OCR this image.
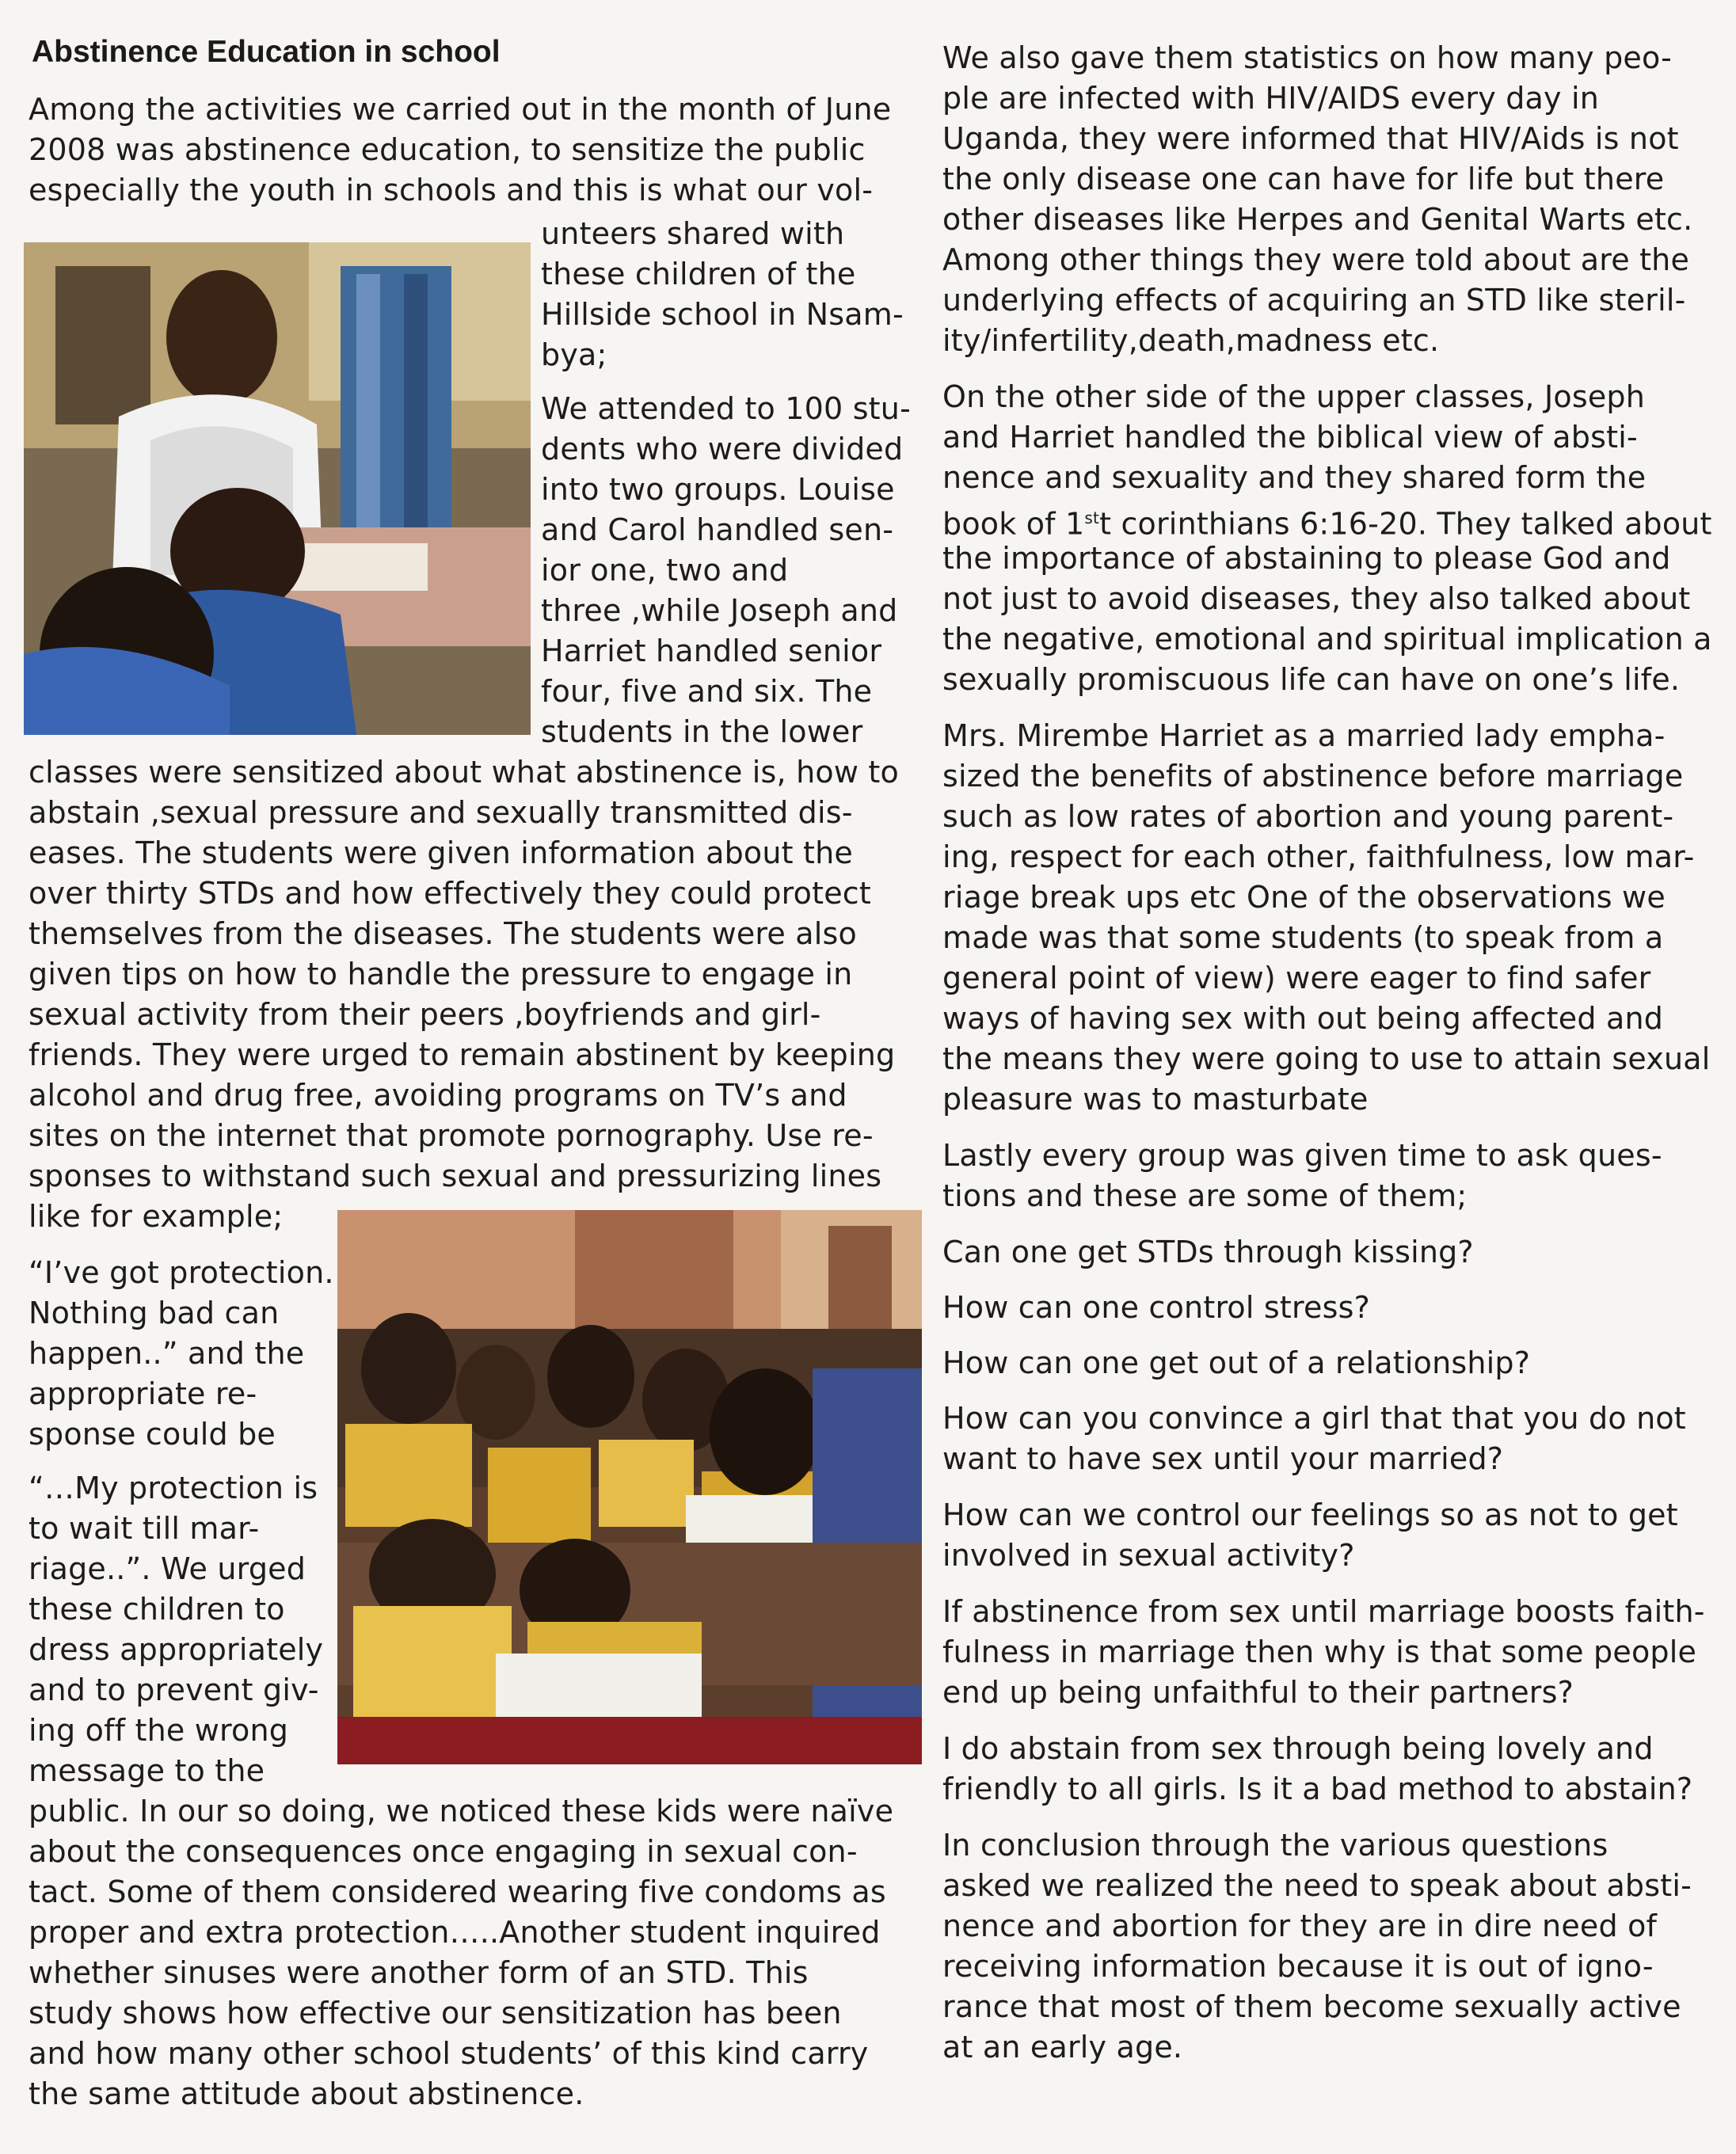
Abstinence Education in school

Among the activities we carried out in the month of June

2008 was abstinence education, to sensitize the public

especially the youth in schools and this is what our vol-

unteers shared with

these children of the

Hillside school in Nsam-

bya;

We attended to 100 stu-

dents who were divided

into two groups. Louise

and Carol handled sen-

ior one, two and

three ,while Joseph and

Harriet handled senior

four, five and six. The

students in the lower

classes were sensitized about what abstinence is, how to

abstain ,sexual pressure and sexually transmitted dis-

eases. The students were given information about the

over thirty STDs and how effectively they could protect

themselves from the diseases. The students were also

given tips on how to handle the pressure to engage in

sexual activity from their peers ,boyfriends and girl-

friends. They were urged to remain abstinent by keeping

alcohol and drug free, avoiding programs on TV’s and

sites on the internet that promote pornography. Use re-

sponses to withstand such sexual and pressurizing lines

like for example;

“I’ve got protection.

Nothing bad can

happen..” and the

appropriate re-

sponse could be

“…My protection is

to wait till mar-

riage..”. We urged

these children to

dress appropriately

and to prevent giv-

ing off the wrong

message to the

public. In our so doing, we noticed these kids were naïve

about the consequences once engaging in sexual con-

tact. Some of them considered wearing five condoms as

proper and extra protection…..Another student inquired

whether sinuses were another form of an STD. This

study shows how effective our sensitization has been

and how many other school students’ of this kind carry

the same attitude about abstinence.

We also gave them statistics on how many peo-

ple are infected with HIV/AIDS every day in

Uganda, they were informed that HIV/Aids is not

the only disease one can have for life but there

other diseases like Herpes and Genital Warts etc.

Among other things they were told about are the

underlying effects of acquiring an STD like steril-

ity/infertility,death,madness etc.

On the other side of the upper classes, Joseph

and Harriet handled the biblical view of absti-

nence and sexuality and they shared form the

book of 1stt corinthians 6:16-20. They talked about

the importance of abstaining to please God and

not just to avoid diseases, they also talked about

the negative, emotional and spiritual implication a

sexually promiscuous life can have on one’s life.

Mrs. Mirembe Harriet as a married lady empha-

sized the benefits of abstinence before marriage

such as low rates of abortion and young parent-

ing, respect for each other, faithfulness, low mar-

riage break ups etc One of the observations we

made was that some students (to speak from a

general point of view) were eager to find safer

ways of having sex with out being affected and

the means they were going to use to attain sexual

pleasure was to masturbate

Lastly every group was given time to ask ques-

tions and these are some of them;

Can one get STDs through kissing?

How can one control stress?

How can one get out of a relationship?

How can you convince a girl that that you do not

want to have sex until your married?

How can we control our feelings so as not to get

involved in sexual activity?

If abstinence from sex until marriage boosts faith-

fulness in marriage then why is that some people

end up being unfaithful to their partners?

I do abstain from sex through being lovely and

friendly to all girls. Is it a bad method to abstain?

In conclusion through the various questions

asked we realized the need to speak about absti-

nence and abortion for they are in dire need of

receiving information because it is out of igno-

rance that most of them become sexually active

at an early age.
